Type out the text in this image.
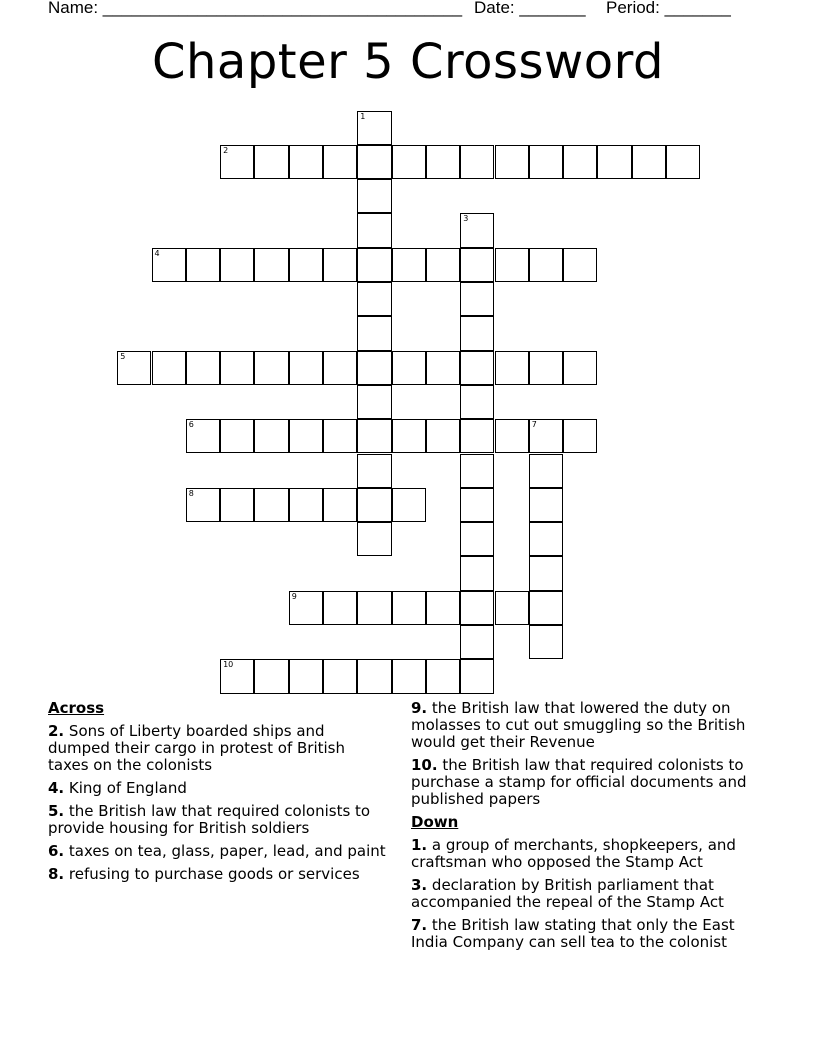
Name: ______________________________________ Date: _______ Period: _______
Chapter 5 Crossword
1
2
3
4
5
6	7
8
9
10
Across
2. Sons of Liberty boarded ships and dumped their cargo in protest of British taxes on the colonists
4. King of England
5. the British law that required colonists to provide housing for British soldiers
6. taxes on tea, glass, paper, lead, and paint
8. refusing to purchase goods or services
9. the British law that lowered the duty on molasses to cut out smuggling so the British would get their Revenue
10. the British law that required colonists to purchase a stamp for official documents and published papers
Down
1. a group of merchants, shopkeepers, and craftsman who opposed the Stamp Act
3. declaration by British parliament that accompanied the repeal of the Stamp Act
7. the British law stating that only the East India Company can sell tea to the colonist
